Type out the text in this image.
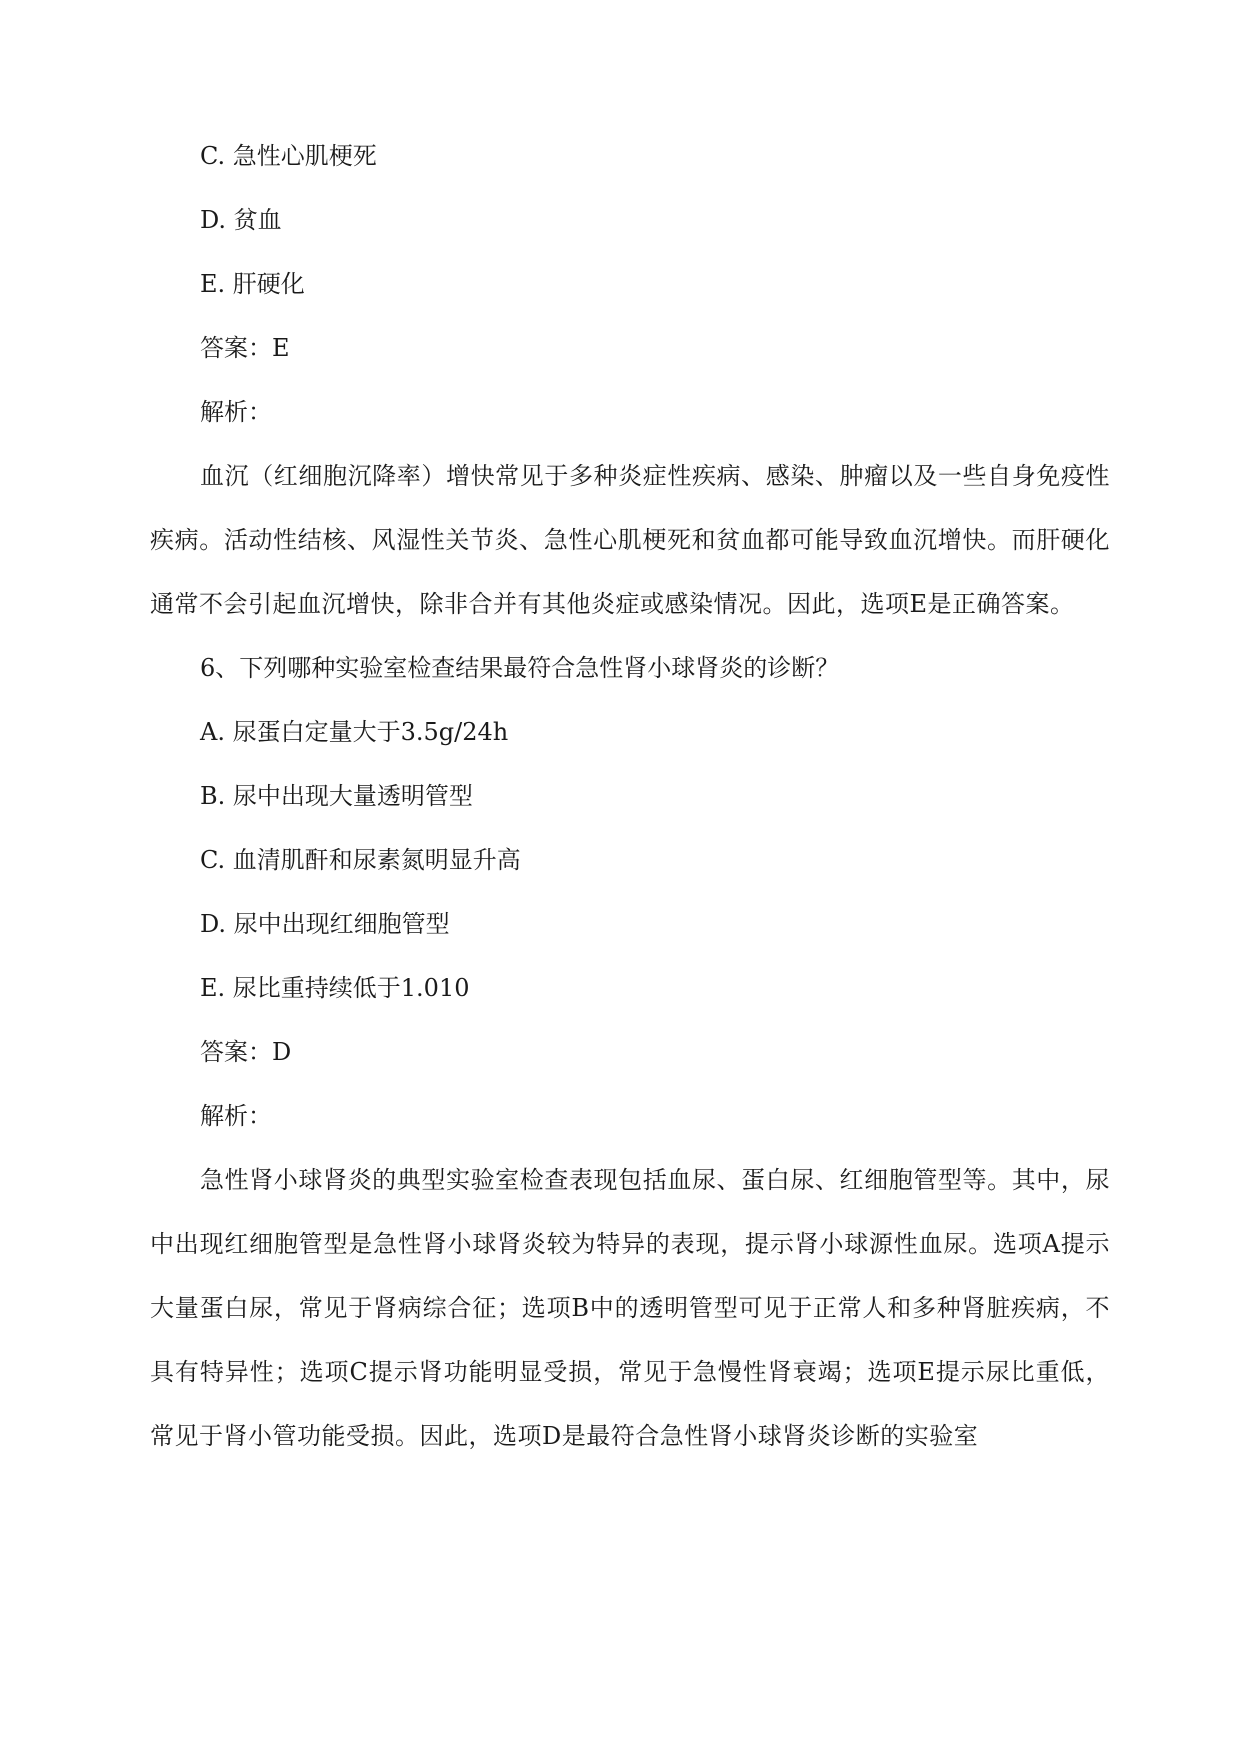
C. 急性心肌梗死
D. 贫血
E. 肝硬化
答案：E
解析：
血沉（红细胞沉降率）增快常见于多种炎症性疾病、感染、肿瘤以及一些自身免疫性疾病。活动性结核、风湿性关节炎、急性心肌梗死和贫血都可能导致血沉增快。而肝硬化通常不会引起血沉增快，除非合并有其他炎症或感染情况。因此，选项E是正确答案。
6、下列哪种实验室检查结果最符合急性肾小球肾炎的诊断？
A. 尿蛋白定量大于3.5g/24h
B. 尿中出现大量透明管型
C. 血清肌酐和尿素氮明显升高
D. 尿中出现红细胞管型
E. 尿比重持续低于1.010
答案：D
解析：
急性肾小球肾炎的典型实验室检查表现包括血尿、蛋白尿、红细胞管型等。其中，尿中出现红细胞管型是急性肾小球肾炎较为特异的表现，提示肾小球源性血尿。选项A提示大量蛋白尿，常见于肾病综合征；选项B中的透明管型可见于正常人和多种肾脏疾病，不具有特异性；选项C提示肾功能明显受损，常见于急慢性肾衰竭；选项E提示尿比重低，常见于肾小管功能受损。因此，选项D是最符合急性肾小球肾炎诊断的实验室
